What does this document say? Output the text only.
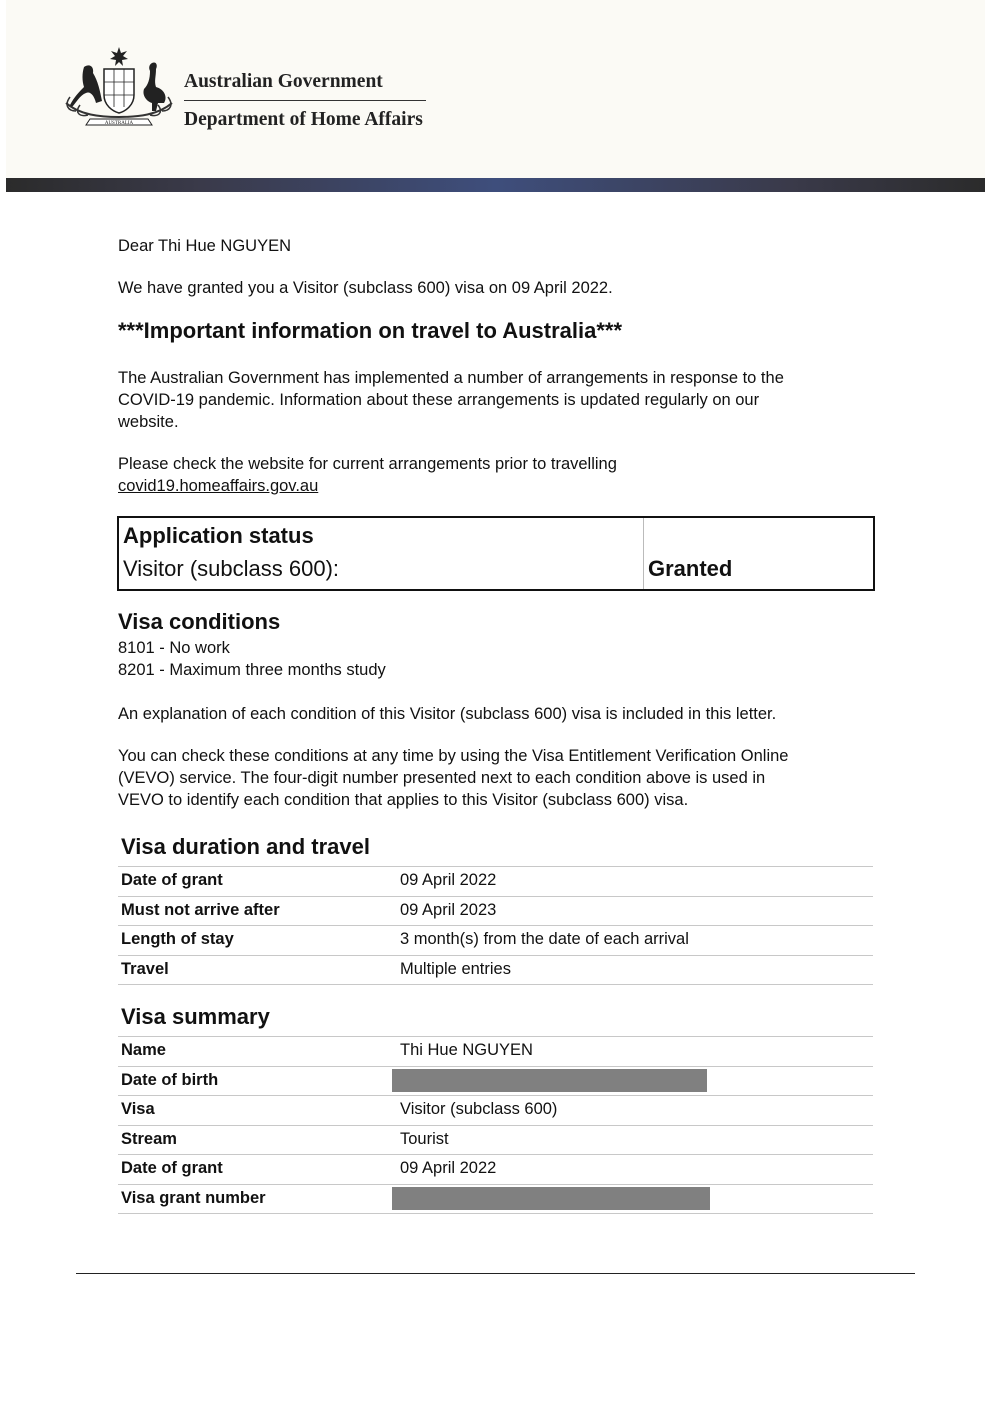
AUSTRALIA
Australian Government
Department of Home Affairs

Dear Thi Hue NGUYEN

We have granted you a Visitor (subclass 600) visa on 09 April 2022.

***Important information on travel to Australia***

The Australian Government has implemented a number of arrangements in response to the

COVID-19 pandemic. Information about these arrangements is updated regularly on our

website.

Please check the website for current arrangements prior to travelling

covid19.homeaffairs.gov.au

Application status
Visitor (subclass 600):	Granted
Visa conditions

8101 - No work

8201 - Maximum three months study

An explanation of each condition of this Visitor (subclass 600) visa is included in this letter.

You can check these conditions at any time by using the Visa Entitlement Verification Online

(VEVO) service. The four-digit number presented next to each condition above is used in

VEVO to identify each condition that applies to this Visitor (subclass 600) visa.

Visa duration and travel
Date of grant	09 April 2022
Must not arrive after	09 April 2023
Length of stay	3 month(s) from the date of each arrival
Travel	Multiple entries
Visa summary
Name	Thi Hue NGUYEN
Date of birth
Visa	Visitor (subclass 600)
Stream	Tourist
Date of grant	09 April 2022
Visa grant number
